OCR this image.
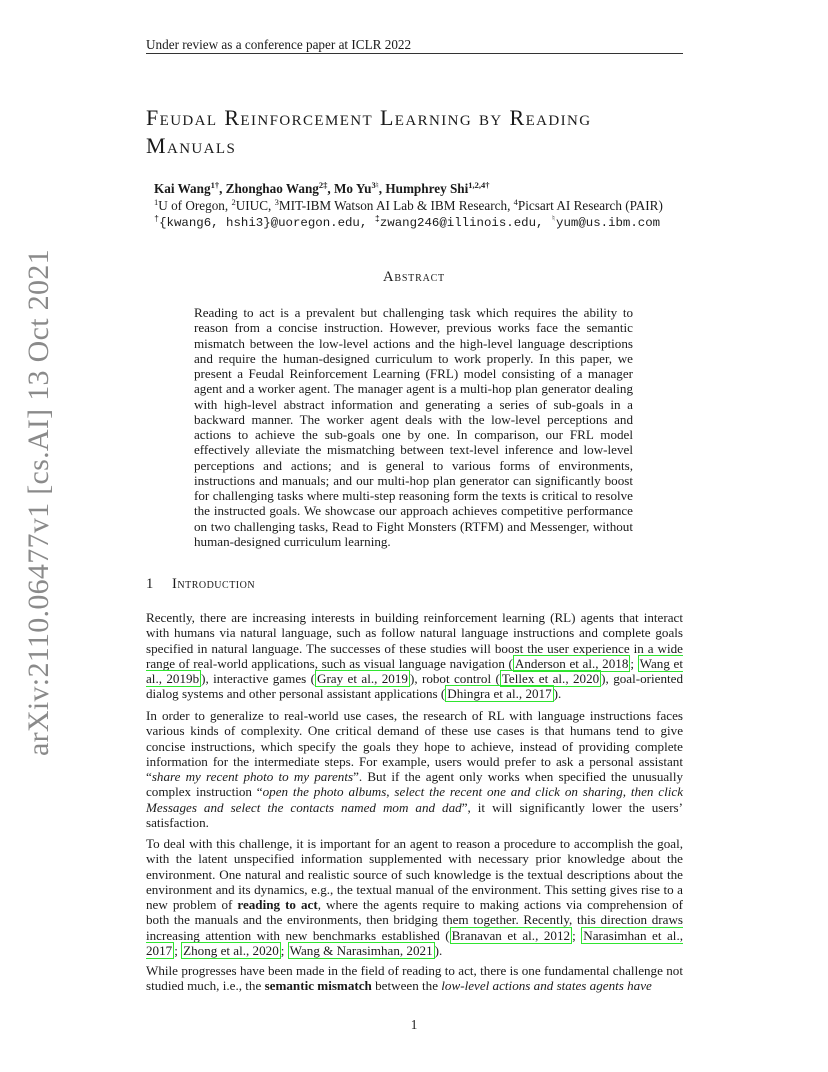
Under review as a conference paper at ICLR 2022
arXiv:2110.06477v1 [cs.AI] 13 Oct 2021
Feudal Reinforcement Learning by Reading
Manuals
Kai Wang$^{1\dagger}$, Zhonghao Wang$^{2\ddagger}$, Mo $Yu^{3♮}$, Humphrey Shi$^{1,2,4\dagger}$
$^1$U of Oregon, $^2$UIUC, $^3$MIT-IBM Watson AI Lab & IBM Research, $^4$Picsart AI Research (PAIR)
†{kwang6, hshi3}@uoregon.edu, ‡zwang246@illinois.edu, ♮yum@us.ibm.com
Abstract
Reading to act is a prevalent but challenging task which requires the ability to reason from a concise instruction. However, previous works face the semantic mismatch between the low-level actions and the high-level language descriptions and require the human-designed curriculum to work properly. In this paper, we present a Feudal Reinforcement Learning (FRL) model consisting of a manager agent and a worker agent. The manager agent is a multi-hop plan generator dealing with high-level abstract information and generating a series of sub-goals in a backward manner. The worker agent deals with the low-level perceptions and actions to achieve the sub-goals one by one. In comparison, our FRL model effectively alleviate the mismatching between text-level inference and low-level perceptions and actions; and is general to various forms of environments, instructions and manuals; and our multi-hop plan generator can significantly boost for challenging tasks where multi-step reasoning form the texts is critical to resolve the instructed goals. We showcase our approach achieves competitive performance on two challenging tasks, Read to Fight Monsters (RTFM) and Messenger, without human-designed curriculum learning.
1 Introduction

Recently, there are increasing interests in building reinforcement learning (RL) agents that interact with humans via natural language, such as follow natural language instructions and complete goals specified in natural language. The successes of these studies will boost the user experience in a wide range of real-world applications, such as visual language navigation ( Anderson et al., 2018 ; Wang et al., 2019b ), interactive games ( Gray et al., 2019 ), robot control ( Tellex et al., 2020 ), goal-oriented dialog systems and other personal assistant applications ( Dhingra et al., 2017 ).

In order to generalize to real-world use cases, the research of RL with language instructions faces various kinds of complexity. One critical demand of these use cases is that humans tend to give concise instructions, which specify the goals they hope to achieve, instead of providing complete information for the intermediate steps. For example, users would prefer to ask a personal assistant “share my recent photo to my parents”. But if the agent only works when specified the unusually complex instruction “open the photo albums, select the recent one and click on sharing, then click Messages and select the contacts named mom and dad”, it will significantly lower the users’ satisfaction.

To deal with this challenge, it is important for an agent to reason a procedure to accomplish the goal, with the latent unspecified information supplemented with necessary prior knowledge about the environment. One natural and realistic source of such knowledge is the textual descriptions about the environment and its dynamics, e.g., the textual manual of the environment. This setting gives rise to a new problem of reading to act, where the agents require to making actions via comprehension of both the manuals and the environments, then bridging them together. Recently, this direction draws increasing attention with new benchmarks established ( Branavan et al., 2012 ; Narasimhan et al., 2017 ; Zhong et al., 2020 ; Wang & Narasimhan, 2021 ).

While progresses have been made in the field of reading to act, there is one fundamental challenge not studied much, i.e., the semantic mismatch between the low-level actions and states agents have

1
